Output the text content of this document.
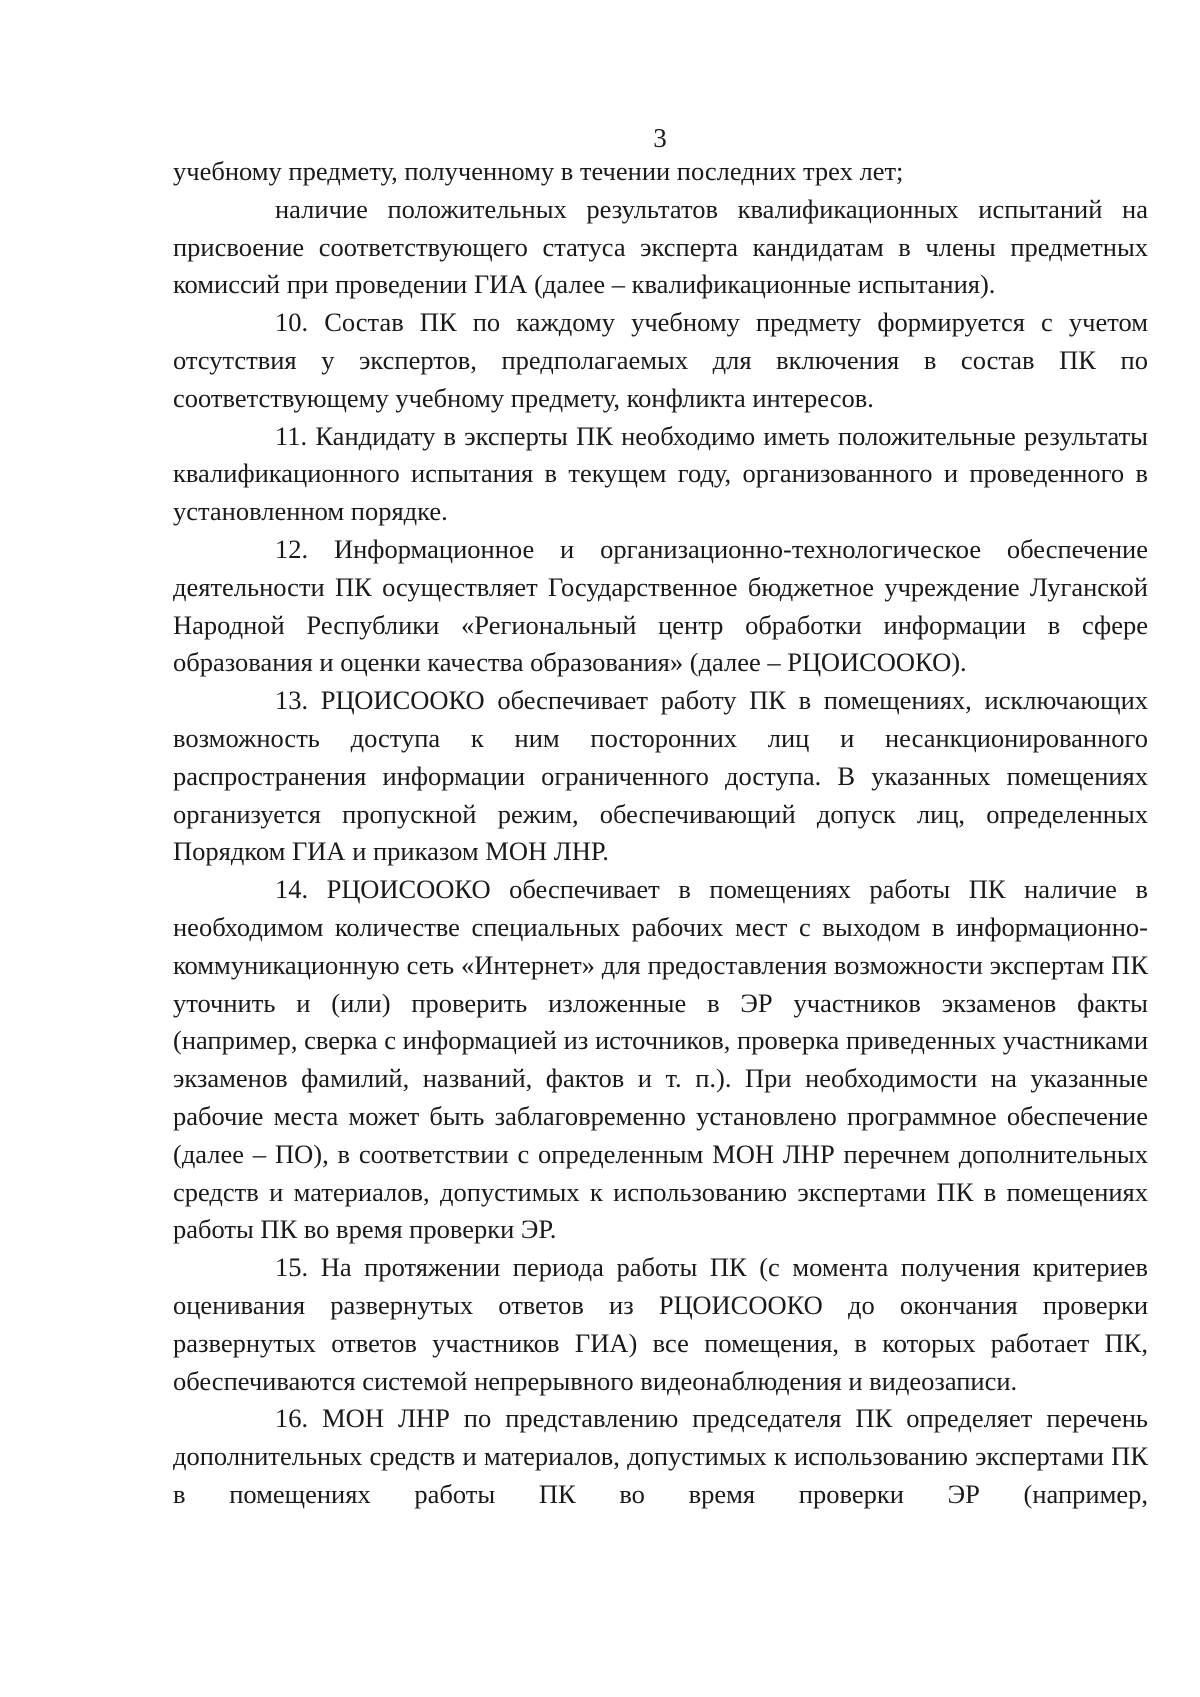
3

учебному предмету, полученному в течении последних трех лет;

наличие положительных результатов квалификационных испытаний на присвоение соответствующего статуса эксперта кандидатам в члены предметных комиссий при проведении ГИА (далее – квалификационные испытания).

10. Состав ПК по каждому учебному предмету формируется с учетом отсутствия у экспертов, предполагаемых для включения в состав ПК по соответствующему учебному предмету, конфликта интересов.

11. Кандидату в эксперты ПК необходимо иметь положительные результаты квалификационного испытания в текущем году, организованного и проведенного в установленном порядке.

12. Информационное и организационно-технологическое обеспечение деятельности ПК осуществляет Государственное бюджетное учреждение Луганской Народной Республики «Региональный центр обработки информации в сфере образования и оценки качества образования» (далее – РЦОИСООКО).

13. РЦОИСООКО обеспечивает работу ПК в помещениях, исключающих возможность доступа к ним посторонних лиц и несанкционированного распространения информации ограниченного доступа. В указанных помещениях организуется пропускной режим, обеспечивающий допуск лиц, определенных Порядком ГИА и приказом МОН ЛНР.

14. РЦОИСООКО обеспечивает в помещениях работы ПК наличие в необходимом количестве специальных рабочих мест с выходом в информационно-коммуникационную сеть «Интернет» для предоставления возможности экспертам ПК уточнить и (или) проверить изложенные в ЭР участников экзаменов факты (например, сверка с информацией из источников, проверка приведенных участниками экзаменов фамилий, названий, фактов и т. п.). При необходимости на указанные рабочие места может быть заблаговременно установлено программное обеспечение (далее – ПО), в соответствии с определенным МОН ЛНР перечнем дополнительных средств и материалов, допустимых к использованию экспертами ПК в помещениях работы ПК во время проверки ЭР.

15. На протяжении периода работы ПК (с момента получения критериев оценивания развернутых ответов из РЦОИСООКО до окончания проверки развернутых ответов участников ГИА) все помещения, в которых работает ПК, обеспечиваются системой непрерывного видеонаблюдения и видеозаписи.

16. МОН ЛНР по представлению председателя ПК определяет перечень дополнительных средств и материалов, допустимых к использованию экспертами ПК в помещениях работы ПК во время проверки ЭР (например,
